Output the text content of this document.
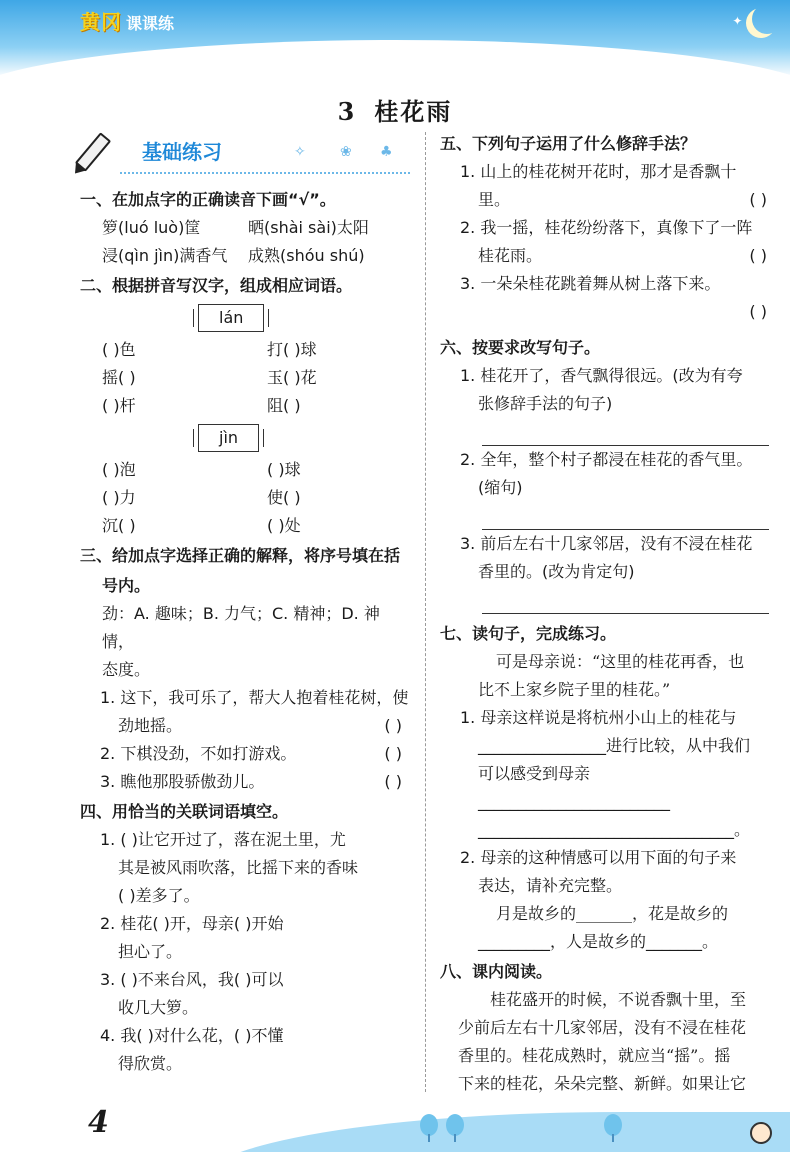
黄冈 课课练	✦ ·
3 桂花雨
基础练习	✧ ❀ ♣
一、在加点字的正确读音下画“√”。
箩(luó luò)筐	晒(shài sài)太阳
浸(qìn jìn)满香气	成熟(shóu shú)
二、根据拼音写汉字，组成相应词语。
lán
( )色	打( )球
摇( )	玉( )花
( )杆	阻( )
jìn
( )泡	( )球
( )力	使( )
沉( )	( )处
三、给加点字选择正确的解释，将序号填在括
号内。
劲：A. 趣味；B. 力气；C. 精神；D. 神情，
态度。
1. 这下，我可乐了，帮大人抱着桂花树，使
劲地摇。	( )
2. 下棋没劲，不如打游戏。	( )
3. 瞧他那股骄傲劲儿。	( )
四、用恰当的关联词语填空。
1. ( )让它开过了，落在泥土里，尤
其是被风雨吹落，比摇下来的香味
( )差多了。
2. 桂花( )开，母亲( )开始
担心了。
3. ( )不来台风，我( )可以
收几大箩。
4. 我( )对什么花，( )不懂
得欣赏。
五、下列句子运用了什么修辞手法？
1. 山上的桂花树开花时，那才是香飘十
里。	( )
2. 我一摇，桂花纷纷落下，真像下了一阵
桂花雨。	( )
3. 一朵朵桂花跳着舞从树上落下来。
( )
六、按要求改写句子。
1. 桂花开了，香气飘得很远。(改为有夸
张修辞手法的句子)
2. 全年，整个村子都浸在桂花的香气里。
(缩句)
3. 前后左右十几家邻居，没有不浸在桂花
香里的。(改为肯定句)
七、读句子，完成练习。
可是母亲说：“这里的桂花再香，也
比不上家乡院子里的桂花。”
1. 母亲这样说是将杭州小山上的桂花与
________________进行比较，从中我们
可以感受到母亲________________________
________________________________。
2. 母亲的这种情感可以用下面的句子来
表达，请补充完整。
月是故乡的_______，花是故乡的
_________，人是故乡的_______。
八、课内阅读。
桂花盛开的时候，不说香飘十里，至
少前后左右十几家邻居，没有不浸在桂花
香里的。桂花成熟时，就应当“摇”。摇
下来的桂花，朵朵完整、新鲜。如果让它
4
